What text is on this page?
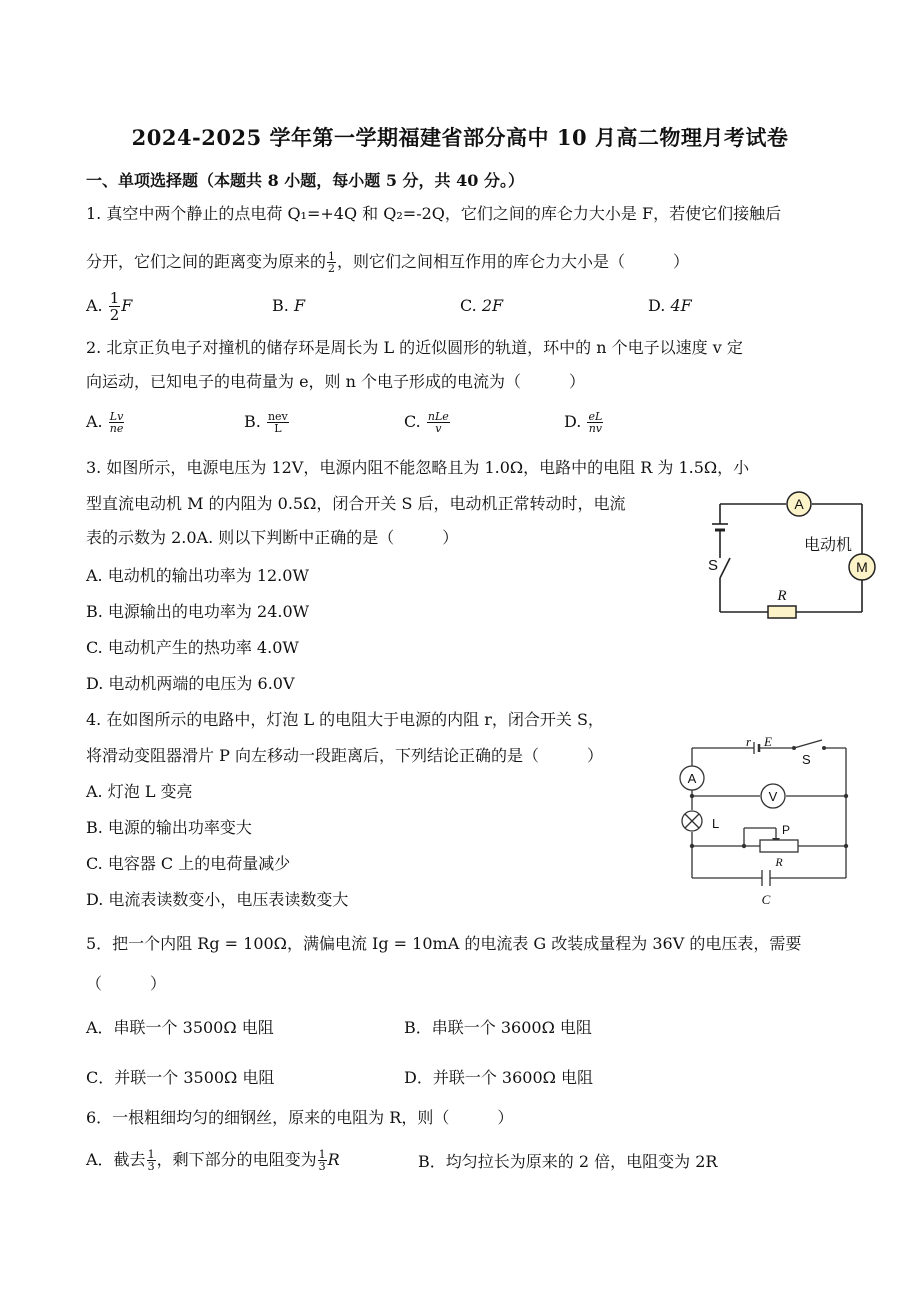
2024-2025 学年第一学期福建省部分高中 10 月高二物理月考试卷
一、单项选择题（本题共 8 小题，每小题 5 分，共 40 分。）
1. 真空中两个静止的点电荷 Q₁=+4Q 和 Q₂=-2Q，它们之间的库仑力大小是 F，若使它们接触后
分开，它们之间的距离变为原来的 $\frac{1}{2}$ ，则它们之间相互作用的库仑力大小是（　　　）
A. $\frac{1}{2}$ F	B. F	C. 2F	D. 4F
2. 北京正负电子对撞机的储存环是周长为 L 的近似圆形的轨道，环中的 n 个电子以速度 v 定
向运动，已知电子的电荷量为 e，则 n 个电子形成的电流为（　　　）
A. $\frac{Lv}{ne}$	B. $\frac{\text{nev}}{L}$	C. $\frac{\text{nLe}}{v}$	D. $\frac{eL}{nv}$
3. 如图所示，电源电压为 12V，电源内阻不能忽略且为 1.0Ω，电路中的电阻 R 为 1.5Ω，小
型直流电动机 M 的内阻为 0.5Ω，闭合开关 S 后，电动机正常转动时，电流
表的示数为 2.0A. 则以下判断中正确的是（　　　）
A. 电动机的输出功率为 12.0W
B. 电源输出的电功率为 24.0W
C. 电动机产生的热功率 4.0W
D. 电动机两端的电压为 6.0V
A
M
电动机
R
S
4. 在如图所示的电路中，灯泡 L 的电阻大于电源的内阻 r，闭合开关 S，
将滑动变阻器滑片 P 向左移动一段距离后，下列结论正确的是（　　　）
A. 灯泡 L 变亮
B. 电源的输出功率变大
C. 电容器 C 上的电荷量减少
D. 电流表读数变小，电压表读数变大
A
V
r E
S
L	P
R
C
5．把一个内阻 Rg = 100Ω，满偏电流 Ig = 10mA 的电流表 G 改装成量程为 36V 的电压表，需要
（　　　）
A．串联一个 3500Ω 电阻	B．串联一个 3600Ω 电阻
C．并联一个 3500Ω 电阻	D．并联一个 3600Ω 电阻
6．一根粗细均匀的细钢丝，原来的电阻为 R，则（　　　）
A．截去 $\frac{1}{3}$ ，剩下部分的电阻变为 $\frac{1}{3}$ R	B．均匀拉长为原来的 2 倍，电阻变为 2R
